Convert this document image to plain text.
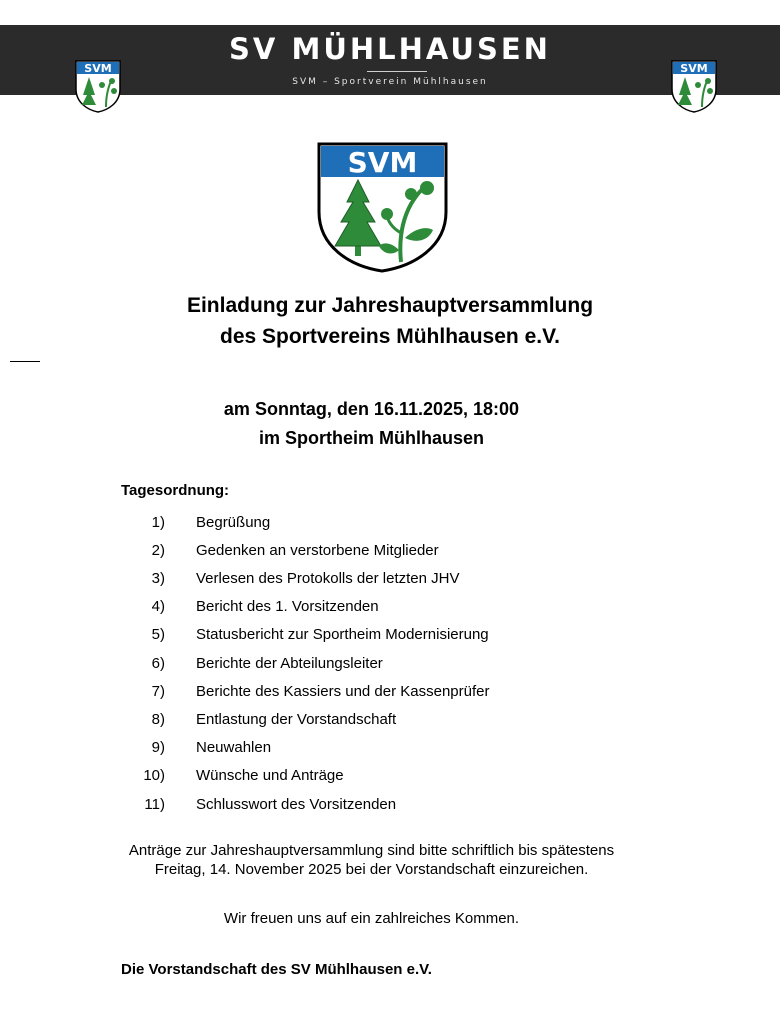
SVM
SV MÜHLHAUSEN
SVM – Sportverein Mühlhausen
SVM
SVM
Einladung zur Jahreshauptversammlung
des Sportvereins Mühlhausen e.V.
am Sonntag, den 16.11.2025, 18:00
im Sportheim Mühlhausen
Tagesordnung:
1) Begrüßung
2) Gedenken an verstorbene Mitglieder
3) Verlesen des Protokolls der letzten JHV
4) Bericht des 1. Vorsitzenden
5) Statusbericht zur Sportheim Modernisierung
6) Berichte der Abteilungsleiter
7) Berichte des Kassiers und der Kassenprüfer
8) Entlastung der Vorstandschaft
9) Neuwahlen
10) Wünsche und Anträge
11) Schlusswort des Vorsitzenden
Anträge zur Jahreshauptversammlung sind bitte schriftlich bis spätestens
Freitag, 14. November 2025 bei der Vorstandschaft einzureichen.
Wir freuen uns auf ein zahlreiches Kommen.
Die Vorstandschaft des SV Mühlhausen e.V.
